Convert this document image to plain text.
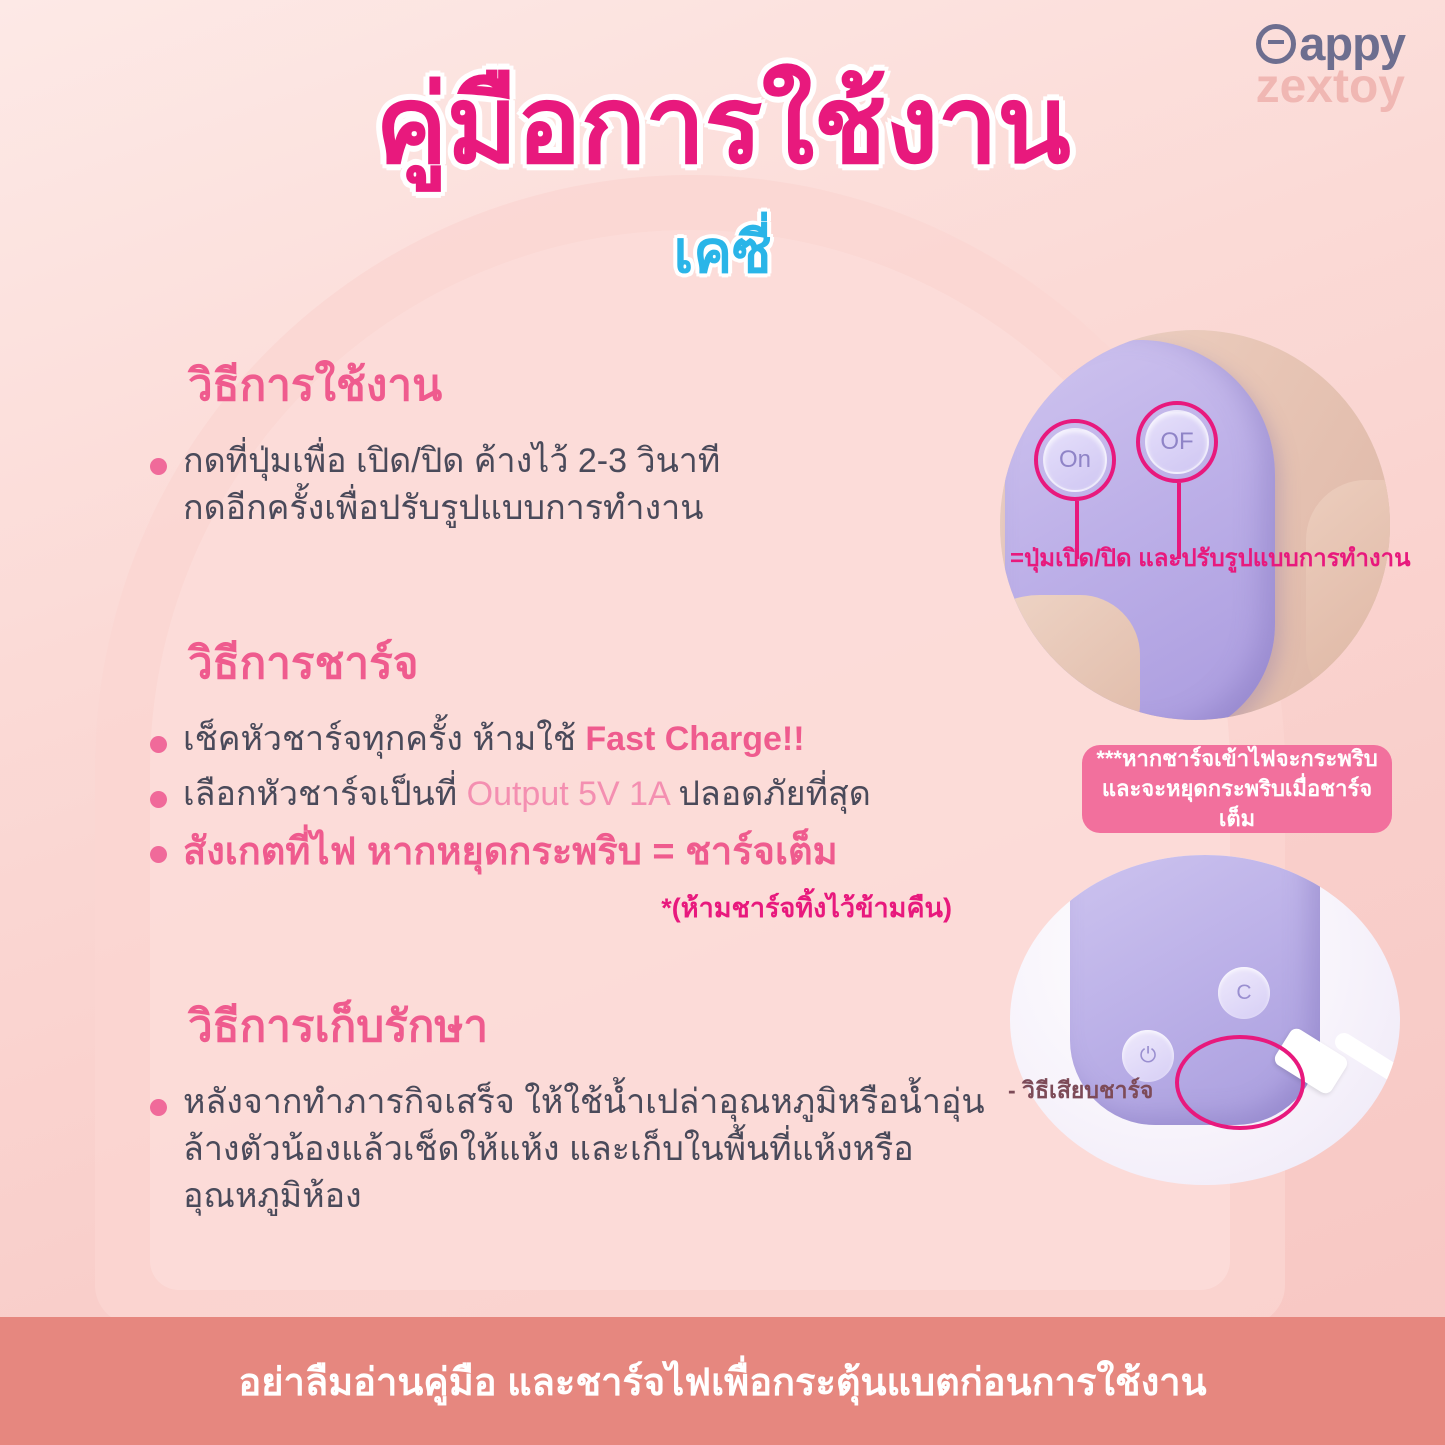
appy
zextoy
คู่มือการใช้งาน
เคซี่
วิธีการใช้งาน
กดที่ปุ่มเพื่อ เปิด/ปิด ค้างไว้ 2-3 วินาที
กดอีกครั้งเพื่อปรับรูปแบบการทำงาน
วิธีการชาร์จ
เช็คหัวชาร์จทุกครั้ง ห้ามใช้ Fast Charge!!
เลือกหัวชาร์จเป็นที่ Output 5V 1A ปลอดภัยที่สุด
สังเกตที่ไฟ หากหยุดกระพริบ = ชาร์จเต็ม
*(ห้ามชาร์จทิ้งไว้ข้ามคืน)
วิธีการเก็บรักษา
หลังจากทำภารกิจเสร็จ ให้ใช้น้ำเปล่าอุณหภูมิหรือน้ำอุ่น
ล้างตัวน้องแล้วเช็ดให้แห้ง และเก็บในพื้นที่แห้งหรืออุณหภูมิห้อง
On
OF
=ปุ่มเปิด/ปิด และปรับรูปแบบการทำงาน
***หากชาร์จเข้าไฟจะกระพริบ
และจะหยุดกระพริบเมื่อชาร์จเต็ม
C
⏻
- วิธีเสียบชาร์จ
อย่าลืมอ่านคู่มือ และชาร์จไฟเพื่อกระตุ้นแบตก่อนการใช้งาน
